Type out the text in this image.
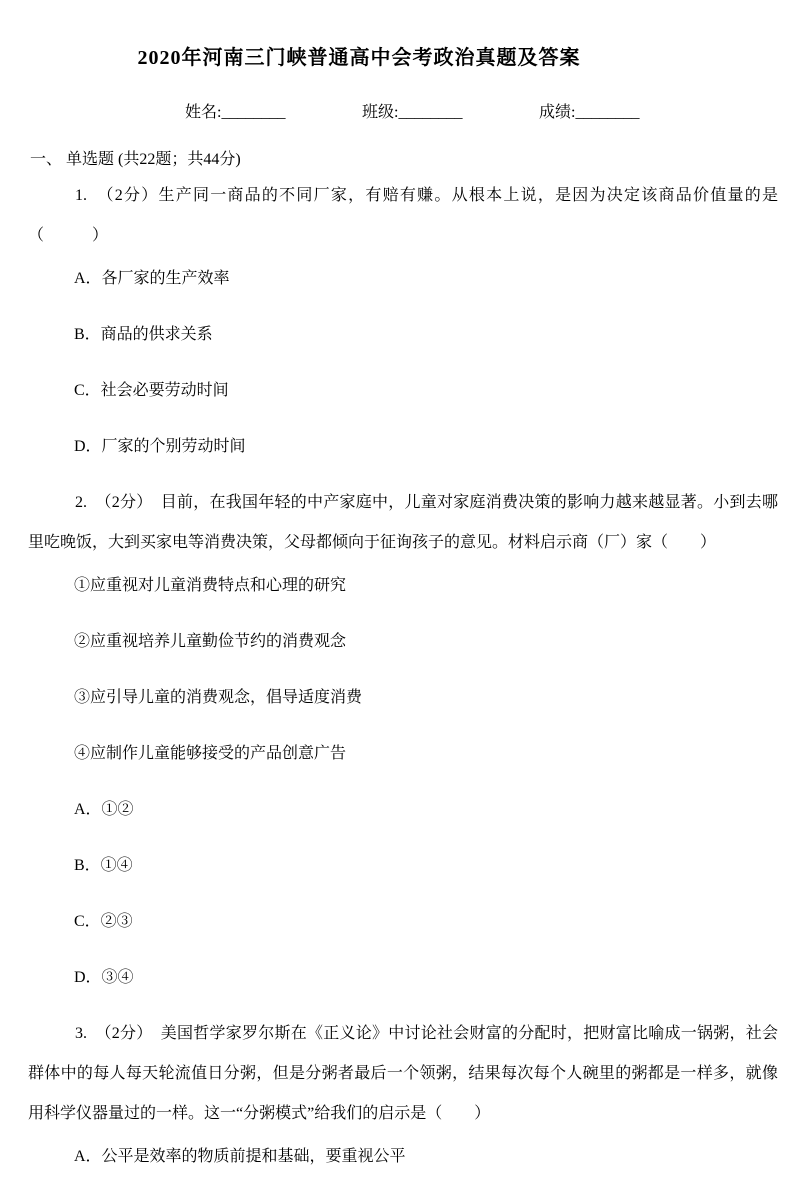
2020年河南三门峡普通高中会考政治真题及答案
姓名:________	班级:________	成绩:________
一、 单选题 (共22题；共44分)

1.　（2分）生产同一商品的不同厂家，有赔有赚。从根本上说，是因为决定该商品价值量的是（　　　）

A．各厂家的生产效率

B．商品的供求关系

C．社会必要劳动时间

D．厂家的个别劳动时间

2.　（2分）　目前，在我国年轻的中产家庭中，儿童对家庭消费决策的影响力越来越显著。小到去哪里吃晚饭，大到买家电等消费决策，父母都倾向于征询孩子的意见。材料启示商（厂）家（　　）

①应重视对儿童消费特点和心理的研究

②应重视培养儿童勤俭节约的消费观念

③应引导儿童的消费观念，倡导适度消费

④应制作儿童能够接受的产品创意广告

A．①②

B．①④

C．②③

D．③④

3.　（2分）　美国哲学家罗尔斯在《正义论》中讨论社会财富的分配时，把财富比喻成一锅粥，社会群体中的每人每天轮流值日分粥，但是分粥者最后一个领粥，结果每次每个人碗里的粥都是一样多，就像用科学仪器量过的一样。这一“分粥模式”给我们的启示是（　　）

A．公平是效率的物质前提和基础，要重视公平
